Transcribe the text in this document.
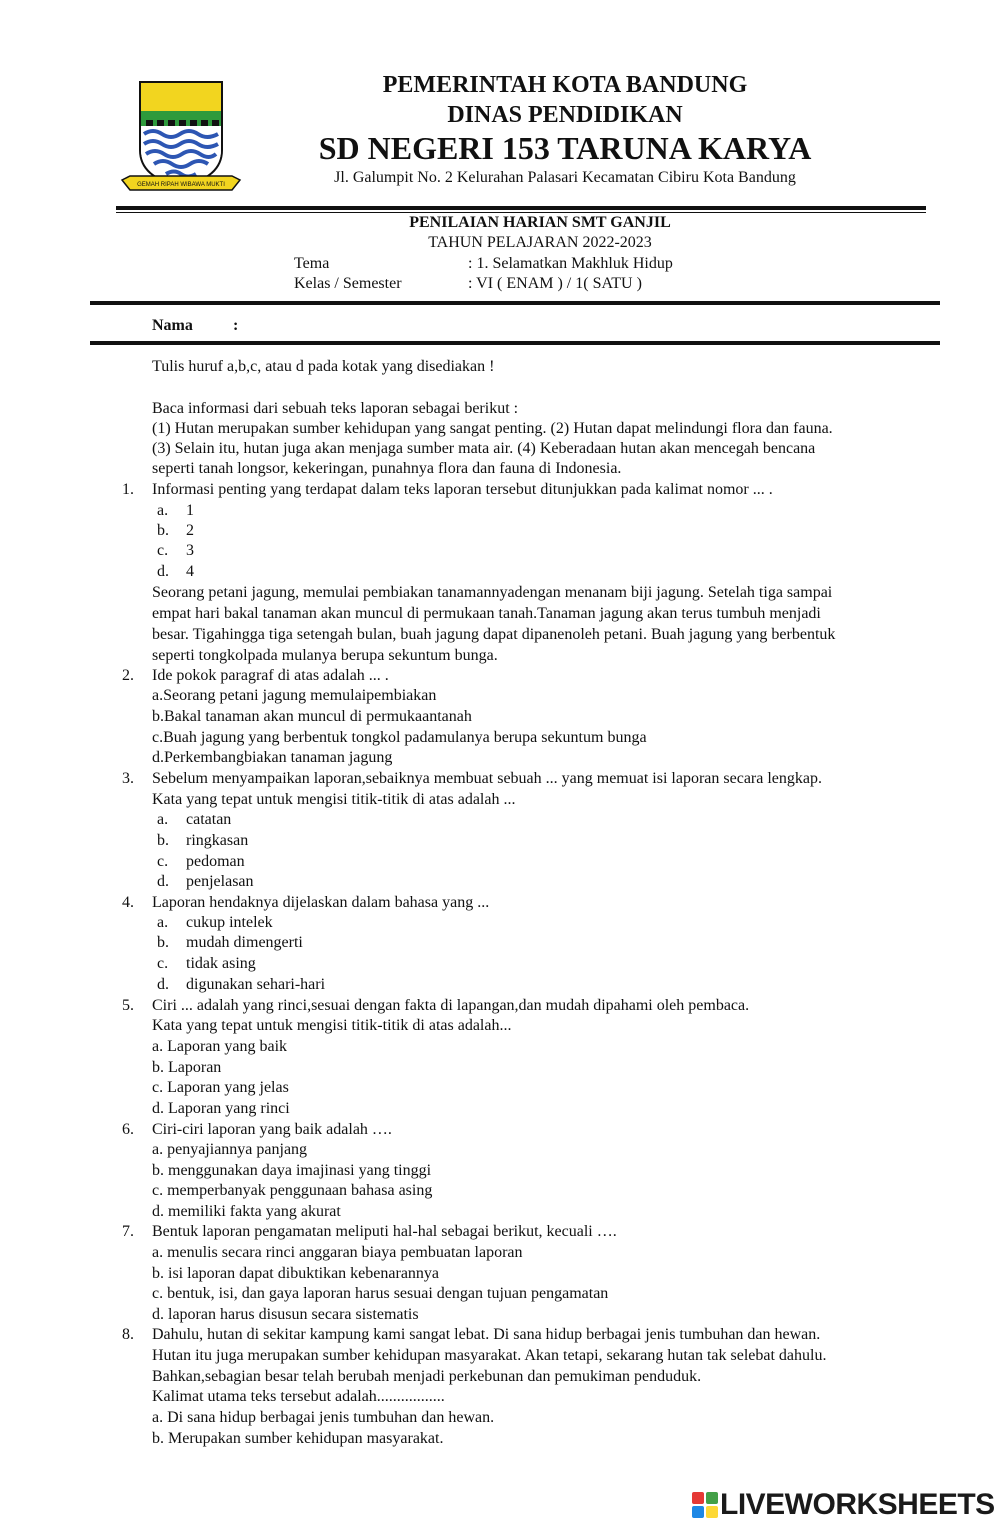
GEMAH RIPAH WIBAWA MUKTI
PEMERINTAH KOTA BANDUNG
DINAS PENDIDIKAN
SD NEGERI 153 TARUNA KARYA
Jl. Galumpit No. 2 Kelurahan Palasari Kecamatan Cibiru Kota Bandung
PENILAIAN HARIAN SMT GANJIL
TAHUN PELAJARAN 2022-2023
Tema	: 1. Selamatkan Makhluk Hidup
Kelas / Semester	: VI ( ENAM ) / 1( SATU )
Nama	:
Tulis huruf a,b,c, atau d pada kotak yang disediakan !
Baca informasi dari sebuah teks laporan sebagai berikut :
(1) Hutan merupakan sumber kehidupan yang sangat penting. (2) Hutan dapat melindungi flora dan fauna.
(3) Selain itu, hutan juga akan menjaga sumber mata air. (4) Keberadaan hutan akan mencegah bencana
seperti tanah longsor, kekeringan, punahnya flora dan fauna di Indonesia.
1. Informasi penting yang terdapat dalam teks laporan tersebut ditunjukkan pada kalimat nomor ... .
a. 1
b. 2
c. 3
d. 4
Seorang petani jagung, memulai pembiakan tanamannyadengan menanam biji jagung. Setelah tiga sampai
empat hari bakal tanaman akan muncul di permukaan tanah.Tanaman jagung akan terus tumbuh menjadi
besar. Tigahingga tiga setengah bulan, buah jagung dapat dipanenoleh petani. Buah jagung yang berbentuk
seperti tongkolpada mulanya berupa sekuntum bunga.
2. Ide pokok paragraf di atas adalah ... .
a.Seorang petani jagung memulaipembiakan
b.Bakal tanaman akan muncul di permukaantanah
c.Buah jagung yang berbentuk tongkol padamulanya berupa sekuntum bunga
d.Perkembangbiakan tanaman jagung
3. Sebelum menyampaikan laporan,sebaiknya membuat sebuah ... yang memuat isi laporan secara lengkap.
Kata yang tepat untuk mengisi titik-titik di atas adalah ...
a. catatan
b. ringkasan
c. pedoman
d. penjelasan
4. Laporan hendaknya dijelaskan dalam bahasa yang ...
a. cukup intelek
b. mudah dimengerti
c. tidak asing
d. digunakan sehari-hari
5. Ciri ... adalah yang rinci,sesuai dengan fakta di lapangan,dan mudah dipahami oleh pembaca.
Kata yang tepat untuk mengisi titik-titik di atas adalah...
a. Laporan yang baik
b. Laporan
c. Laporan yang jelas
d. Laporan yang rinci
6. Ciri-ciri laporan yang baik adalah ….
a. penyajiannya panjang
b. menggunakan daya imajinasi yang tinggi
c. memperbanyak penggunaan bahasa asing
d. memiliki fakta yang akurat
7. Bentuk laporan pengamatan meliputi hal-hal sebagai berikut, kecuali ….
a. menulis secara rinci anggaran biaya pembuatan laporan
b. isi laporan dapat dibuktikan kebenarannya
c. bentuk, isi, dan gaya laporan harus sesuai dengan tujuan pengamatan
d. laporan harus disusun secara sistematis
8. Dahulu, hutan di sekitar kampung kami sangat lebat. Di sana hidup berbagai jenis tumbuhan dan hewan.
Hutan itu juga merupakan sumber kehidupan masyarakat. Akan tetapi, sekarang hutan tak selebat dahulu.
Bahkan,sebagian besar telah berubah menjadi perkebunan dan pemukiman penduduk.
Kalimat utama teks tersebut adalah.................
a. Di sana hidup berbagai jenis tumbuhan dan hewan.
b. Merupakan sumber kehidupan masyarakat.
LIVEWORKSHEETS
